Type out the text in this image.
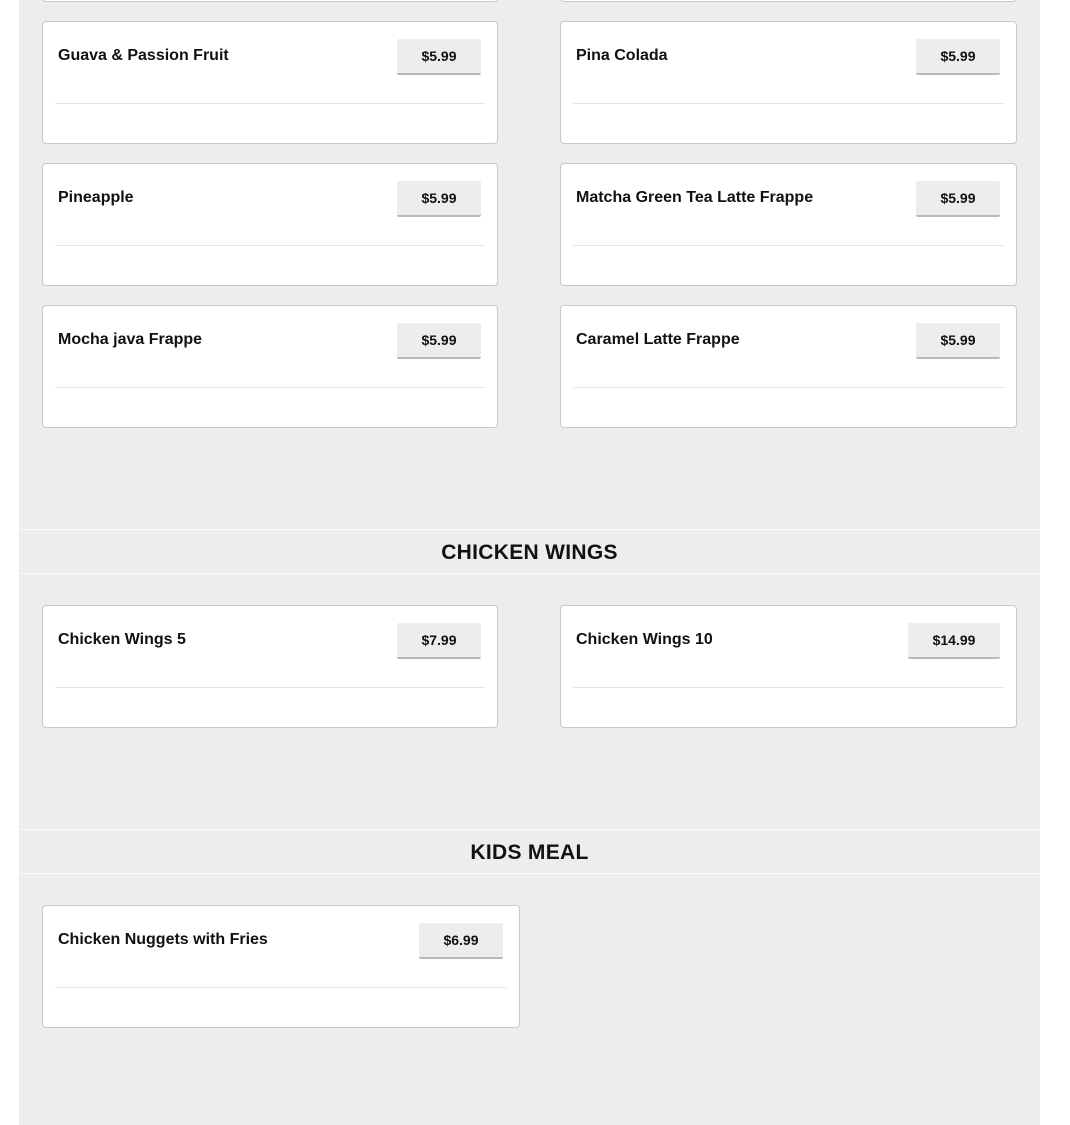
Guava & Passion Fruit	$5.99	Pina Colada	$5.99
Pineapple	$5.99	Matcha Green Tea Latte Frappe	$5.99
Mocha java Frappe	$5.99	Caramel Latte Frappe	$5.99
CHICKEN WINGS
Chicken Wings 5	$7.99	Chicken Wings 10	$14.99
KIDS MEAL
Chicken Nuggets with Fries	$6.99
